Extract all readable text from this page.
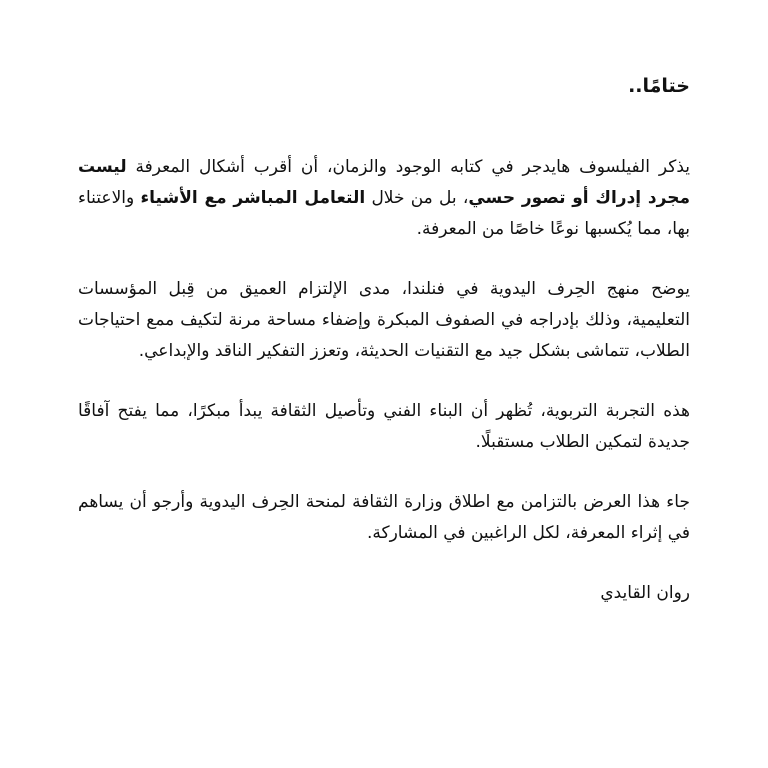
ختامًا..

يذكر الفيلسوف هايدجر في كتابه الوجود والزمان، أن أقرب أشكال المعرفة ليست مجرد إدراك أو تصور حسي، بل من خلال التعامل المباشر مع الأشياء والاعتناء بها، مما يُكسبها نوعًا خاصًا من المعرفة.

يوضح منهج الحِرف اليدوية في فنلندا، مدى الإلتزام العميق من قِبل المؤسسات التعليمية، وذلك بإدراجه في الصفوف المبكرة وإضفاء مساحة مرنة لتكيف ممع احتياجات الطلاب، تتماشى بشكل جيد مع التقنيات الحديثة، وتعزز التفكير الناقد والإبداعي.

هذه التجربة التربوية، تُظهر أن البناء الفني وتأصيل الثقافة يبدأ مبكرًا، مما يفتح آفاقًا جديدة لتمكين الطلاب مستقبلًا.

جاء هذا العرض بالتزامن مع اطلاق وزارة الثقافة لمنحة الحِرف اليدوية وأرجو أن يساهم في إثراء المعرفة، لكل الراغبين في المشاركة.

روان القايدي
